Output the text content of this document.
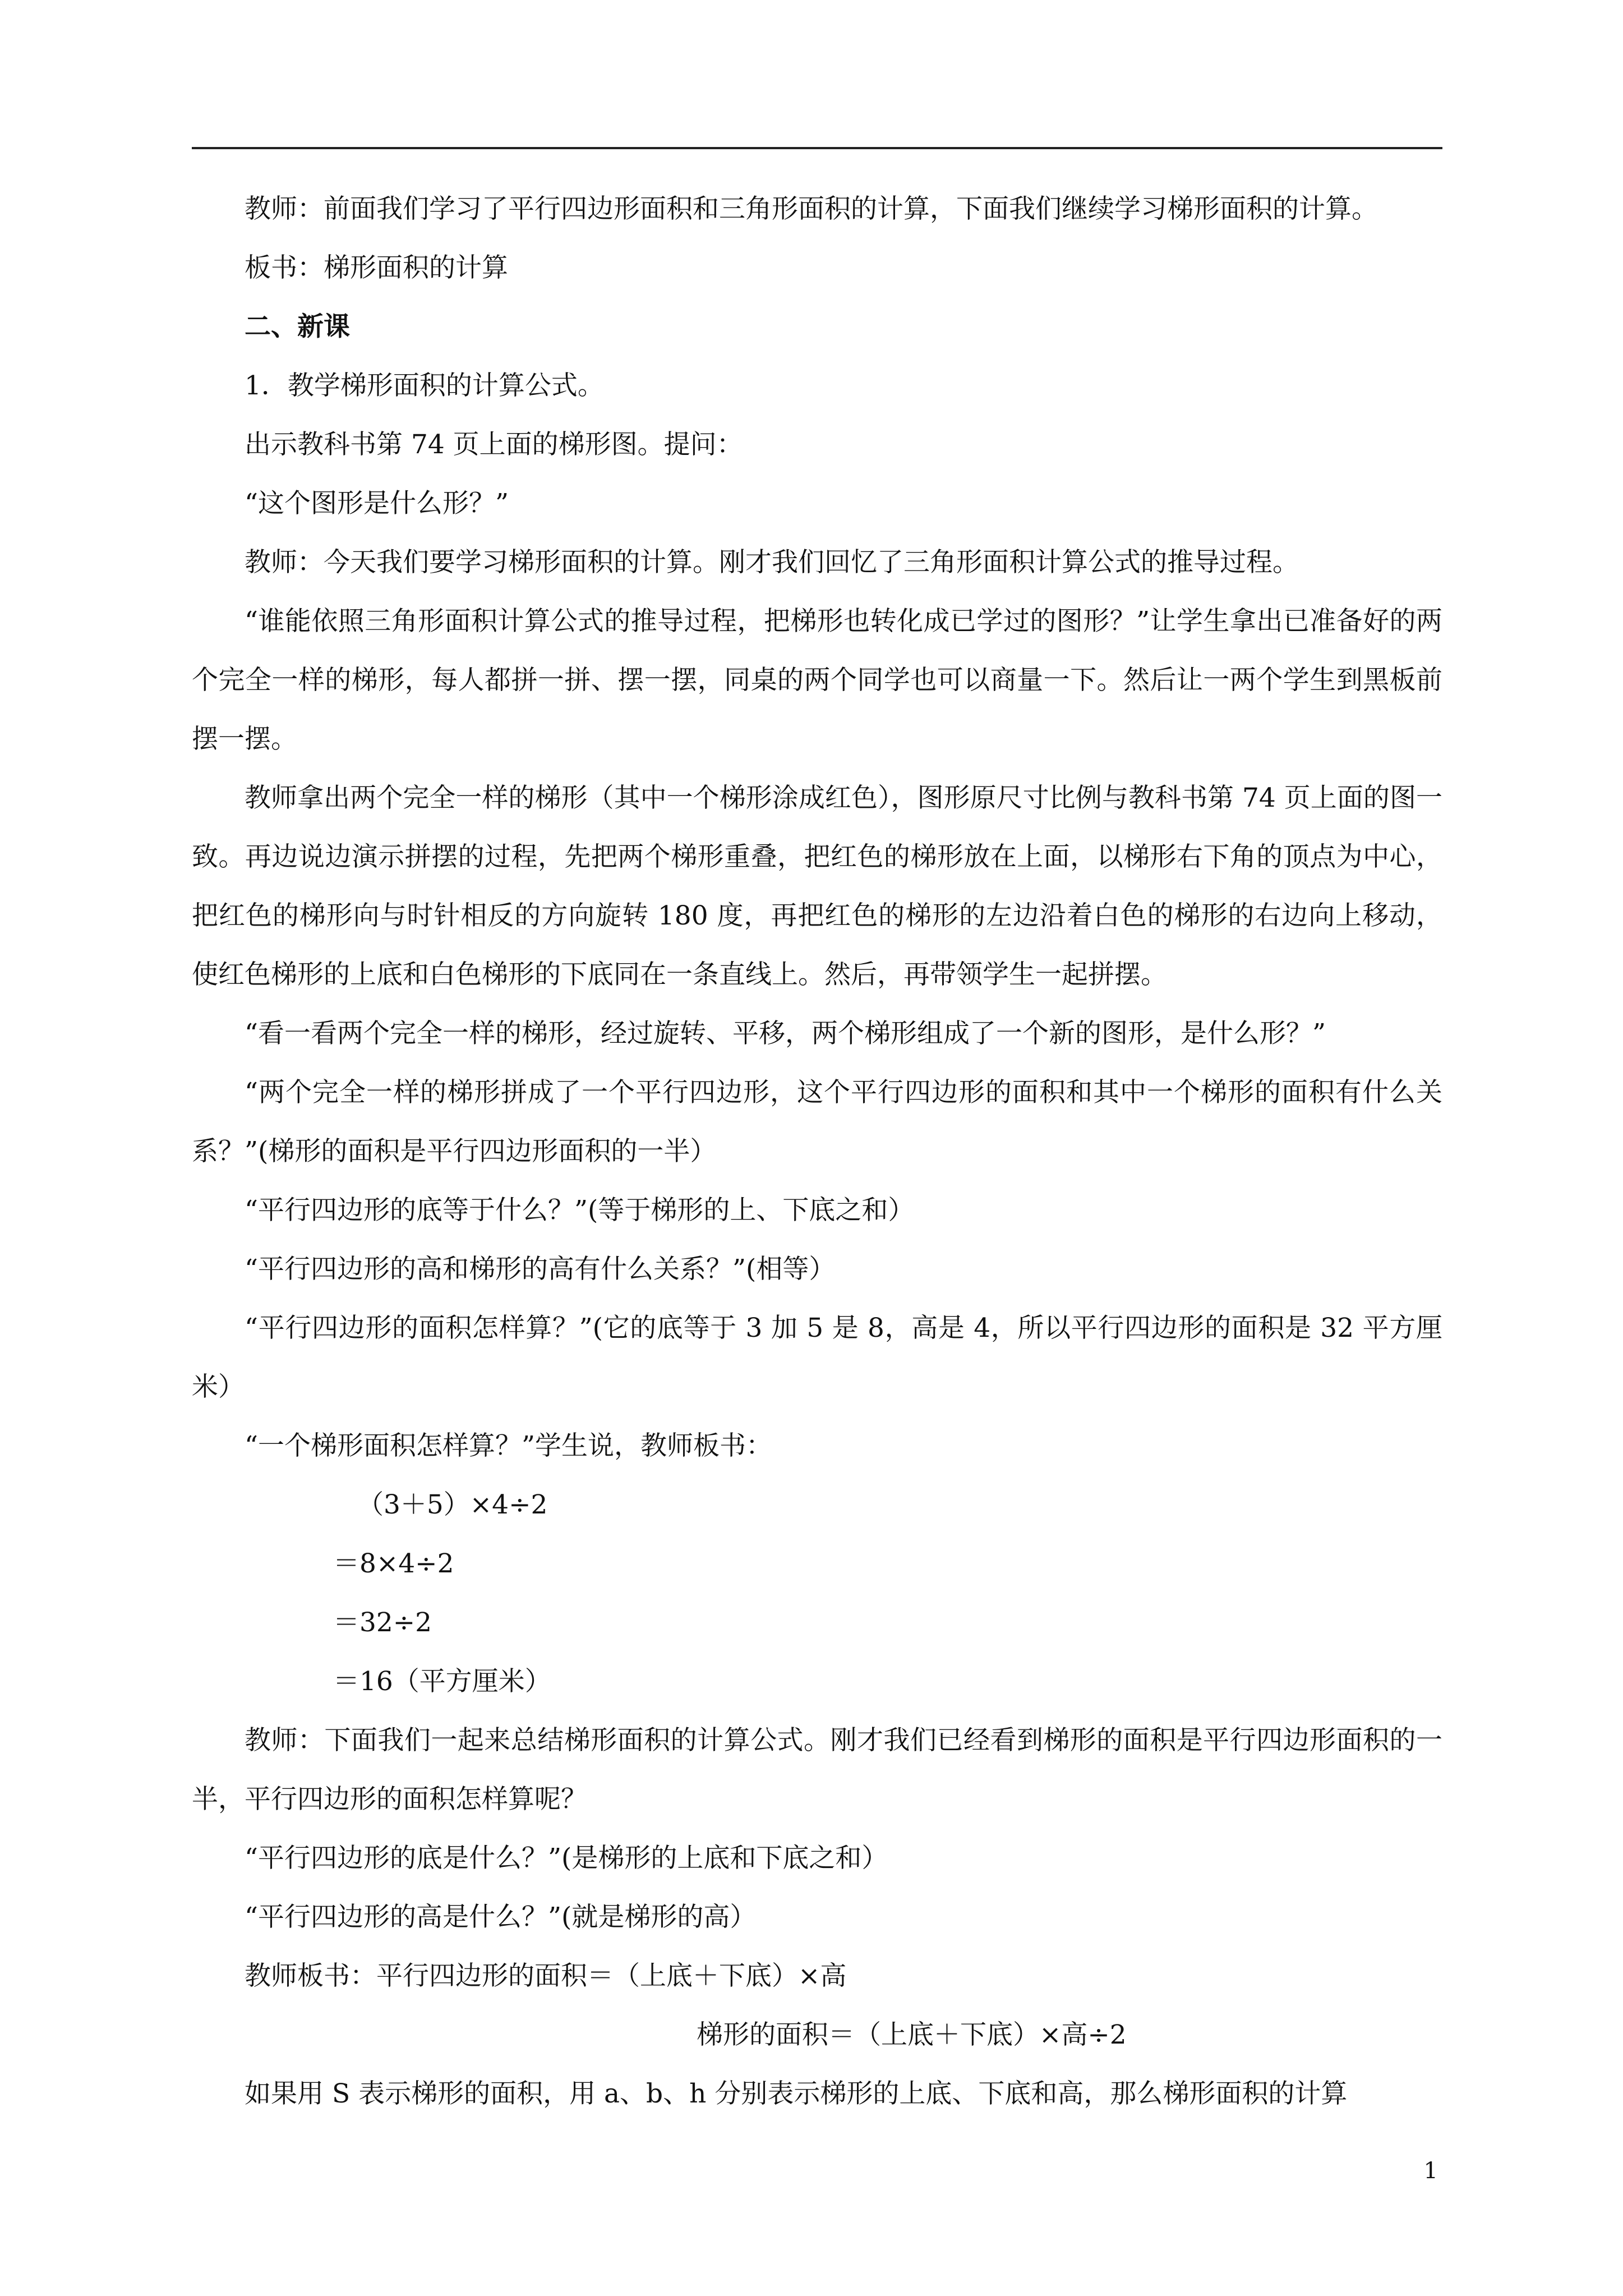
教师：前面我们学习了平行四边形面积和三角形面积的计算，下面我们继续学习梯形面积的计算。

板书：梯形面积的计算

二、新课

1．教学梯形面积的计算公式。

出示教科书第 74 页上面的梯形图。提问：

“这个图形是什么形？”

教师：今天我们要学习梯形面积的计算。刚才我们回忆了三角形面积计算公式的推导过程。

“谁能依照三角形面积计算公式的推导过程，把梯形也转化成已学过的图形？”让学生拿出已准备好的两个完全一样的梯形，每人都拼一拼、摆一摆，同桌的两个同学也可以商量一下。然后让一两个学生到黑板前摆一摆。

教师拿出两个完全一样的梯形（其中一个梯形涂成红色），图形原尺寸比例与教科书第 74 页上面的图一致。再边说边演示拼摆的过程，先把两个梯形重叠，把红色的梯形放在上面，以梯形右下角的顶点为中心，把红色的梯形向与时针相反的方向旋转 180 度，再把红色的梯形的左边沿着白色的梯形的右边向上移动，使红色梯形的上底和白色梯形的下底同在一条直线上。然后，再带领学生一起拼摆。

“看一看两个完全一样的梯形，经过旋转、平移，两个梯形组成了一个新的图形，是什么形？”

“两个完全一样的梯形拼成了一个平行四边形，这个平行四边形的面积和其中一个梯形的面积有什么关系？”(梯形的面积是平行四边形面积的一半）

“平行四边形的底等于什么？”(等于梯形的上、下底之和）

“平行四边形的高和梯形的高有什么关系？”(相等）

“平行四边形的面积怎样算？”(它的底等于 3 加 5 是 8，高是 4，所以平行四边形的面积是 32 平方厘米）

“一个梯形面积怎样算？”学生说，教师板书：

（3＋5）×4÷2

＝8×4÷2

＝32÷2

＝16（平方厘米）

教师：下面我们一起来总结梯形面积的计算公式。刚才我们已经看到梯形的面积是平行四边形面积的一半，平行四边形的面积怎样算呢？

“平行四边形的底是什么？”(是梯形的上底和下底之和）

“平行四边形的高是什么？”(就是梯形的高）

教师板书：平行四边形的面积＝（上底＋下底）×高

梯形的面积＝（上底＋下底）×高÷2

如果用 S 表示梯形的面积，用 a、b、h 分别表示梯形的上底、下底和高，那么梯形面积的计算

1
